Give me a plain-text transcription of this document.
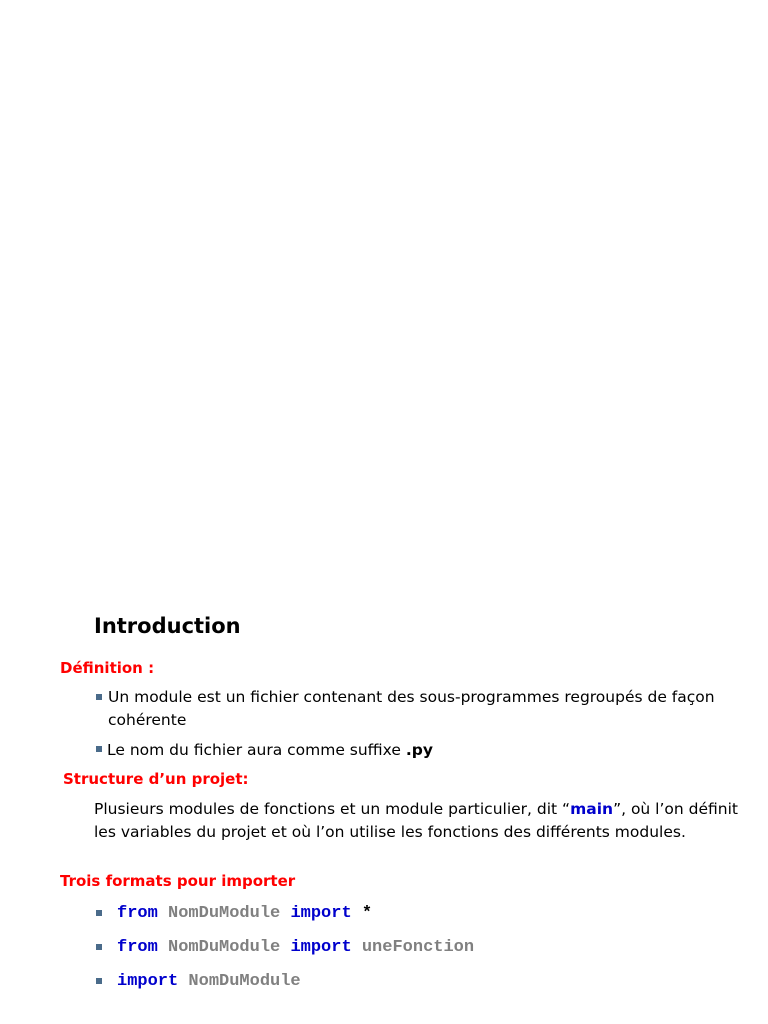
Introduction
Définition :
Un module est un fichier contenant des sous-programmes regroupés de façon
cohérente
Le nom du fichier aura comme suffixe .py
Structure d’un projet:
Plusieurs modules de fonctions et un module particulier, dit “main”, où l’on définit
les variables du projet et où l’on utilise les fonctions des différents modules.
Trois formats pour importer
from NomDuModule import *
from NomDuModule import uneFonction
import NomDuModule
